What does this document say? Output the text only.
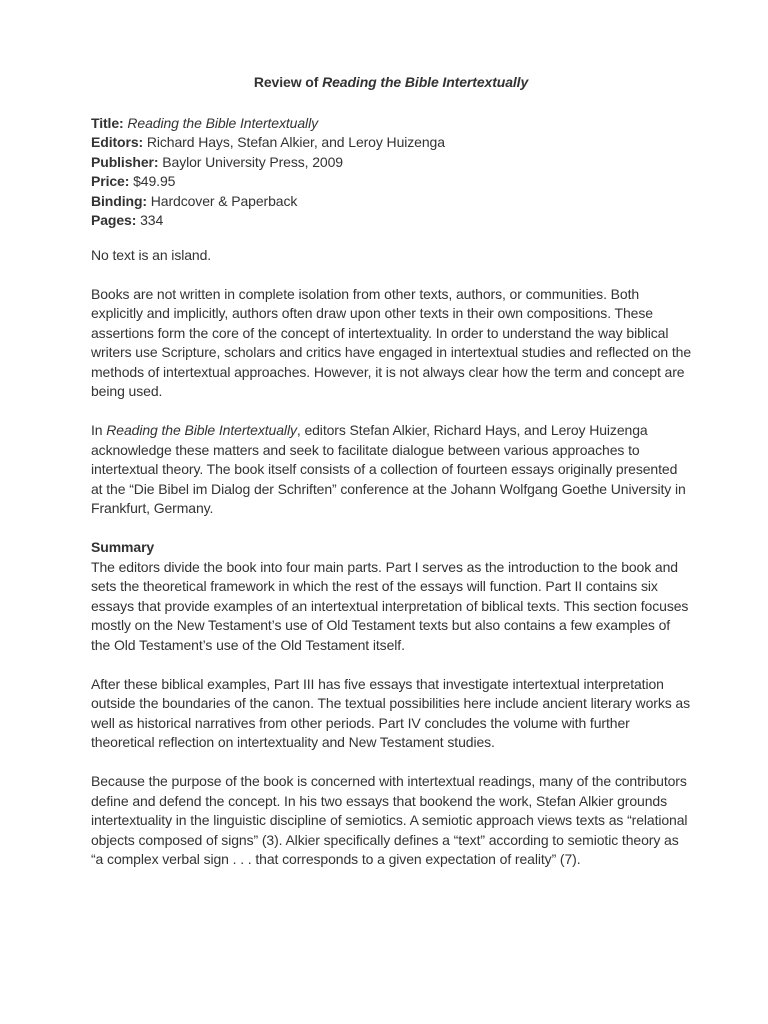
Review of Reading the Bible Intertextually
Title: Reading the Bible Intertextually
Editors: Richard Hays, Stefan Alkier, and Leroy Huizenga
Publisher: Baylor University Press, 2009
Price: $49.95
Binding: Hardcover & Paperback
Pages: 334

No text is an island.

Books are not written in complete isolation from other texts, authors, or communities. Both explicitly and implicitly, authors often draw upon other texts in their own compositions. These assertions form the core of the concept of intertextuality. In order to understand the way biblical writers use Scripture, scholars and critics have engaged in intertextual studies and reflected on the methods of intertextual approaches. However, it is not always clear how the term and concept are being used.

In Reading the Bible Intertextually, editors Stefan Alkier, Richard Hays, and Leroy Huizenga acknowledge these matters and seek to facilitate dialogue between various approaches to intertextual theory. The book itself consists of a collection of fourteen essays originally presented at the “Die Bibel im Dialog der Schriften” conference at the Johann Wolfgang Goethe University in Frankfurt, Germany.

Summary

The editors divide the book into four main parts. Part I serves as the introduction to the book and sets the theoretical framework in which the rest of the essays will function. Part II contains six essays that provide examples of an intertextual interpretation of biblical texts. This section focuses mostly on the New Testament’s use of Old Testament texts but also contains a few examples of the Old Testament’s use of the Old Testament itself.

After these biblical examples, Part III has five essays that investigate intertextual interpretation outside the boundaries of the canon. The textual possibilities here include ancient literary works as well as historical narratives from other periods. Part IV concludes the volume with further theoretical reflection on intertextuality and New Testament studies.

Because the purpose of the book is concerned with intertextual readings, many of the contributors define and defend the concept. In his two essays that bookend the work, Stefan Alkier grounds intertextuality in the linguistic discipline of semiotics. A semiotic approach views texts as “relational objects composed of signs” (3). Alkier specifically defines a “text” according to semiotic theory as “a complex verbal sign . . . that corresponds to a given expectation of reality” (7).
